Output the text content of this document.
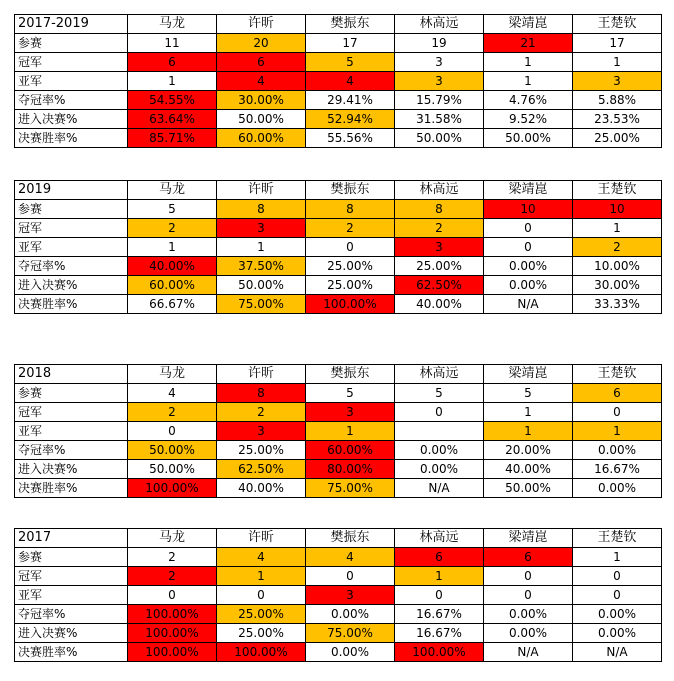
2017-2019	马龙	许昕	樊振东	林高远	梁靖崑	王楚钦
参赛	11	20	17	19	21	17
冠军	6	6	5	3	1	1
亚军	1	4	4	3	1	3
夺冠率%	54.55%	30.00%	29.41%	15.79%	4.76%	5.88%
进入决赛%	63.64%	50.00%	52.94%	31.58%	9.52%	23.53%
决赛胜率%	85.71%	60.00%	55.56%	50.00%	50.00%	25.00%
2019	马龙	许昕	樊振东	林高远	梁靖崑	王楚钦
参赛	5	8	8	8	10	10
冠军	2	3	2	2	0	1
亚军	1	1	0	3	0	2
夺冠率%	40.00%	37.50%	25.00%	25.00%	0.00%	10.00%
进入决赛%	60.00%	50.00%	25.00%	62.50%	0.00%	30.00%
决赛胜率%	66.67%	75.00%	100.00%	40.00%	N/A	33.33%
2018	马龙	许昕	樊振东	林高远	梁靖崑	王楚钦
参赛	4	8	5	5	5	6
冠军	2	2	3	0	1	0
亚军	0	3	1		1	1
夺冠率%	50.00%	25.00%	60.00%	0.00%	20.00%	0.00%
进入决赛%	50.00%	62.50%	80.00%	0.00%	40.00%	16.67%
决赛胜率%	100.00%	40.00%	75.00%	N/A	50.00%	0.00%
2017	马龙	许昕	樊振东	林高远	梁靖崑	王楚钦
参赛	2	4	4	6	6	1
冠军	2	1	0	1	0	0
亚军	0	0	3	0	0	0
夺冠率%	100.00%	25.00%	0.00%	16.67%	0.00%	0.00%
进入决赛%	100.00%	25.00%	75.00%	16.67%	0.00%	0.00%
决赛胜率%	100.00%	100.00%	0.00%	100.00%	N/A	N/A
